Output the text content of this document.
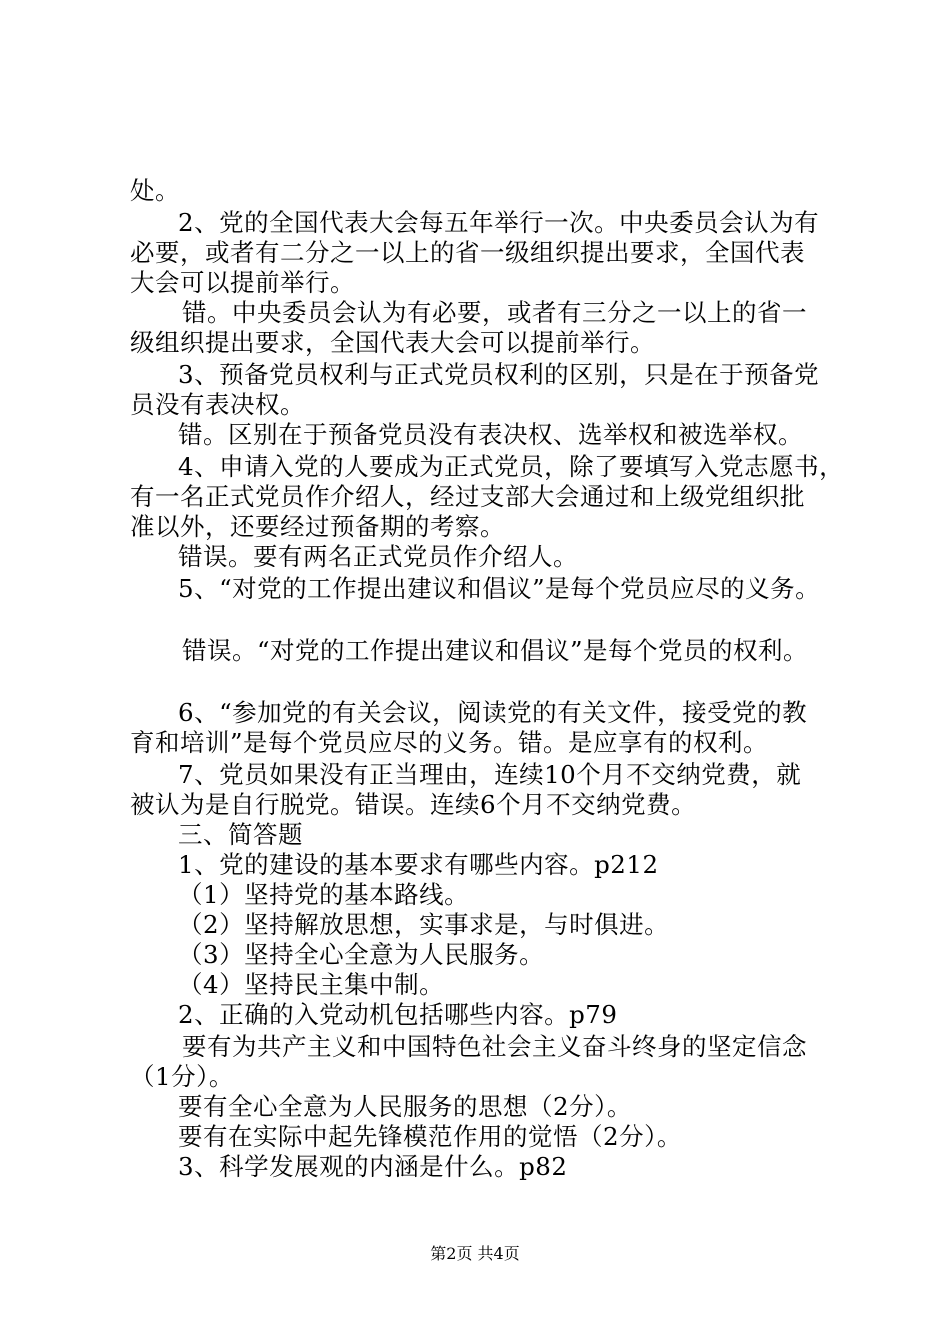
处。
2、党的全国代表大会每五年举行一次。中央委员会认为有
必要，或者有二分之一以上的省一级组织提出要求，全国代表
大会可以提前举行。
错。中央委员会认为有必要，或者有三分之一以上的省一
级组织提出要求，全国代表大会可以提前举行。
3、预备党员权利与正式党员权利的区别，只是在于预备党
员没有表决权。
错。区别在于预备党员没有表决权、选举权和被选举权。
4、申请入党的人要成为正式党员，除了要填写入党志愿书，
有一名正式党员作介绍人，经过支部大会通过和上级党组织批
准以外，还要经过预备期的考察。
错误。要有两名正式党员作介绍人。
5、“对党的工作提出建议和倡议”是每个党员应尽的义务。
错误。“对党的工作提出建议和倡议”是每个党员的权利。
6、“参加党的有关会议，阅读党的有关文件，接受党的教
育和培训”是每个党员应尽的义务。错。是应享有的权利。
7、党员如果没有正当理由，连续10个月不交纳党费，就
被认为是自行脱党。错误。连续6个月不交纳党费。
三、简答题
1、党的建设的基本要求有哪些内容。p212
（1）坚持党的基本路线。
（2）坚持解放思想，实事求是，与时俱进。
（3）坚持全心全意为人民服务。
（4）坚持民主集中制。
2、正确的入党动机包括哪些内容。p79
要有为共产主义和中国特色社会主义奋斗终身的坚定信念
（1分）。
要有全心全意为人民服务的思想（2分）。
要有在实际中起先锋模范作用的觉悟（2分）。
3、科学发展观的内涵是什么。p82
第2页 共4页
